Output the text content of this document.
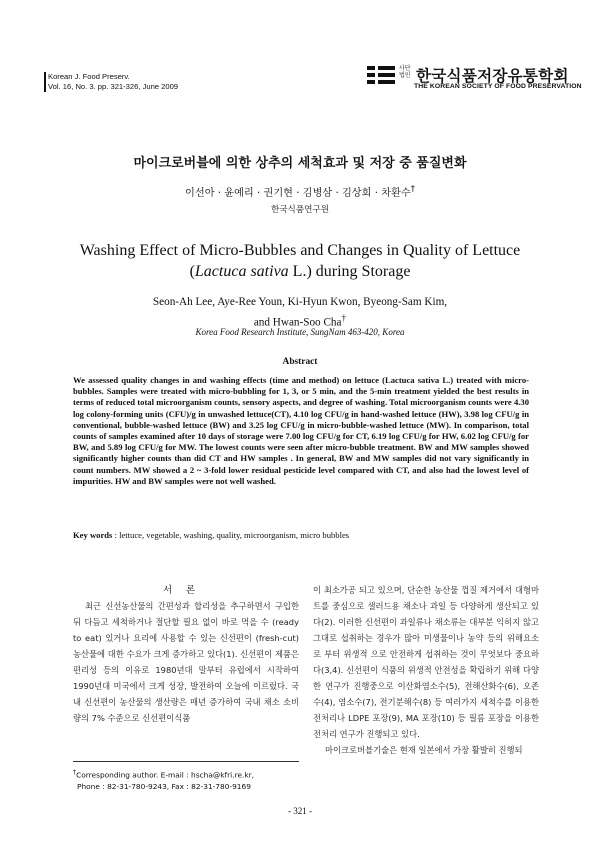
Korean J. Food Preserv.
Vol. 16, No. 3. pp. 321-326, June 2009
사단법인 한국식품저장유통학회
THE KOREAN SOCIETY OF FOOD PRESERVATION
마이크로버블에 의한 상추의 세척효과 및 저장 중 품질변화
이선아 · 윤예리 · 권기현 · 김병삼 · 김상희 · 차환수†
한국식품연구원
Washing Effect of Micro-Bubbles and Changes in Quality of Lettuce
(Lactuca sativa L.) during Storage
Seon-Ah Lee, Aye-Ree Youn, Ki-Hyun Kwon, Byeong-Sam Kim,
and Hwan-Soo Cha†
Korea Food Research Institute, SungNam 463-420, Korea
Abstract
We assessed quality changes in and washing effects (time and method) on lettuce (Lactuca sativa L.) treated with micro-bubbles. Samples were treated with micro-bubbling for 1, 3, or 5 min, and the 5-min treatment yielded the best results in terms of reduced total microorganism counts, sensory aspects, and degree of washing. Total microorganism counts were 4.30 log colony-forming units (CFU)/g in unwashed lettuce(CT), 4.10 log CFU/g in hand-washed lettuce (HW), 3.98 log CFU/g in conventional, bubble-washed lettuce (BW) and 3.25 log CFU/g in micro-bubble-washed lettuce (MW). In comparison, total counts of samples examined after 10 days of storage were 7.00 log CFU/g for CT, 6.19 log CFU/g for HW, 6.02 log CFU/g for BW, and 5.89 log CFU/g for MW. The lowest counts were seen after micro-bubble treatment. BW and MW samples showed significantly higher counts than did CT and HW samples . In general, BW and MW samples did not vary significantly in count numbers. MW showed a 2 ~ 3-fold lower residual pesticide level compared with CT, and also had the lowest level of impurities. HW and BW samples were not well washed.
Key words : lettuce, vegetable, washing, quality, microorganism, micro bubbles
서론
최근 신선농산물의 간편성과 합리성을 추구하면서 구입한 뒤 다듬고 세척하거나 절단할 필요 없이 바로 먹을 수 (ready to eat) 있거나 요리에 사용할 수 있는 신선편이 (fresh-cut) 농산물에 대한 수요가 크게 증가하고 있다(1). 신선편이 제품은 편리성 등의 이유로 1980년대 말부터 유럽에서 시작하여 1990년대 미국에서 크게 성장, 발전하여 오늘에 이르렀다. 국내 신선편이 농산물의 생산량은 매년 증가하여 국내 채소 소비량의 7% 수준으로 신선편이식품
이 최소가공 되고 있으며, 단순한 농산물 껍질 제거에서 대형마트를 중심으로 샐러드용 채소나 과일 등 다양하게 생산되고 있다(2). 이러한 신선편이 과일류나 채소류는 대부분 익히지 않고 그대로 섭취하는 경우가 많아 미생물이나 농약 등의 위해요소로 부터 위생적 으로 안전하게 섭취하는 것이 무엇보다 중요하다(3,4). 신선편이 식품의 위생적 안전성을 확립하기 위해 다양한 연구가 진행중으로 이산화염소수(5), 전해산화수(6), 오존수(4), 염소수(7), 전기분해수(8) 등 여러가지 세척수를 이용한 전처리나 LDPE 포장(9), MA 포장(10) 등 필름 포장을 이용한 전처리 연구가 진행되고 있다.
마이크로버블기술은 현재 일본에서 가장 활발히 진행되
†Corresponding author. E-mail : hscha@kfri.re.kr,
Phone : 82-31-780-9243, Fax : 82-31-780-9169
- 321 -
